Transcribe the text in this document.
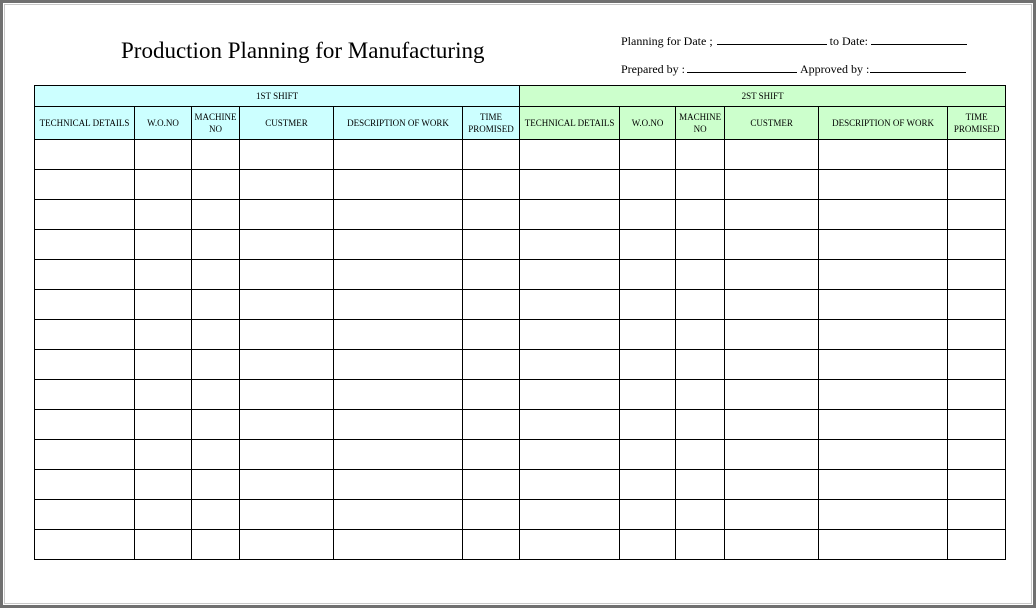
Production Planning for Manufacturing	Planning for Date ;	to Date:
Prepared by :	Approved by :
1ST SHIFT						2ST SHIFT					
TECHNICAL DETAILS	W.O.NO	MACHINE NO	CUSTMER	DESCRIPTION OF WORK	TIME PROMISED	TECHNICAL DETAILS	W.O.NO	MACHINE NO	CUSTMER	DESCRIPTION OF WORK	TIME PROMISED
